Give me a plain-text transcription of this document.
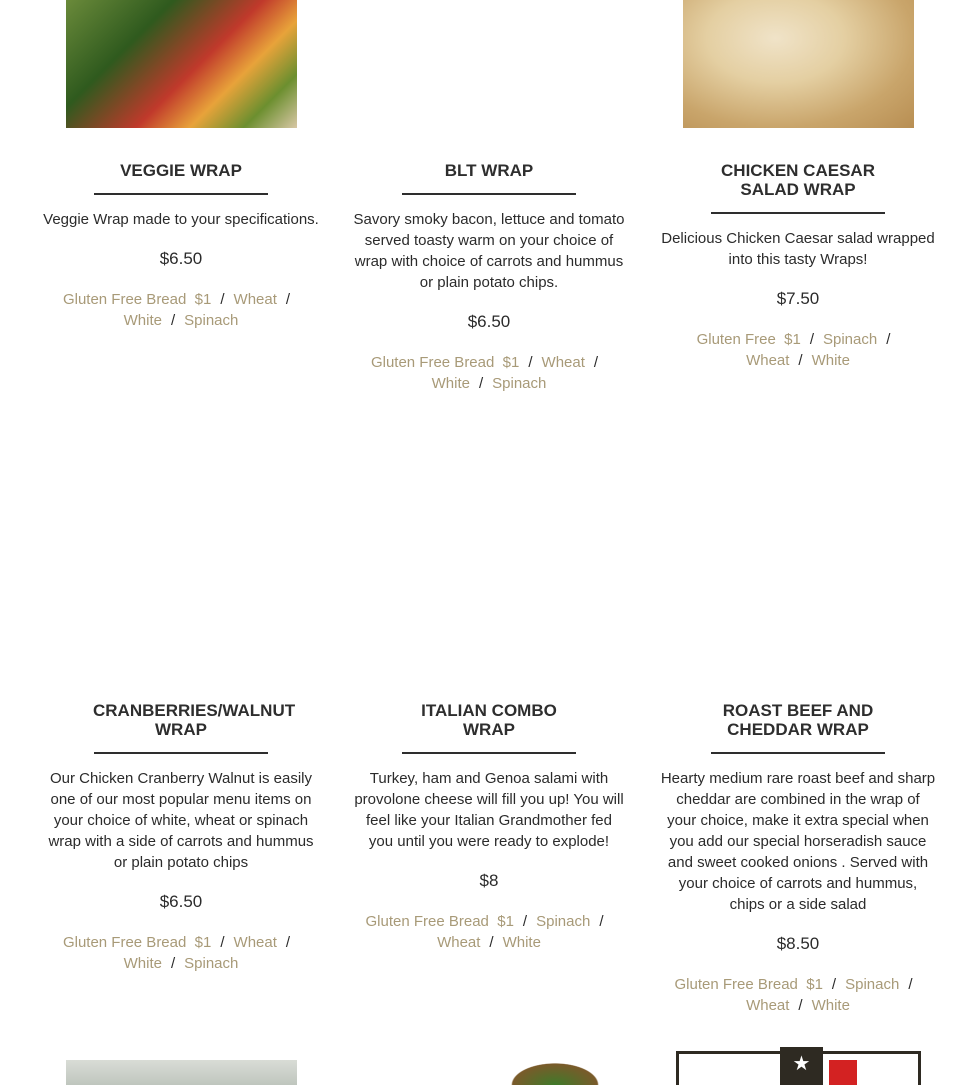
★
VEGGIE WRAP
Veggie Wrap made to your specifications.
$6.50
Gluten Free Bread  $1 / Wheat /
White / Spinach
BLT WRAP
Savory smoky bacon, lettuce and tomato served toasty warm on your choice of wrap with choice of carrots and hummus or plain potato chips.
$6.50
Gluten Free Bread  $1 / Wheat /
White / Spinach
CHICKEN CAESAR SALAD WRAP
Delicious Chicken Caesar salad wrapped into this tasty Wraps!
$7.50
Gluten Free  $1 / Spinach /
Wheat / White
CRANBERRIES/WALNUT WRAP
Our Chicken Cranberry Walnut is easily one of our most popular menu items on your choice of white, wheat or spinach wrap with a side of carrots and hummus or plain potato chips
$6.50
Gluten Free Bread  $1 / Wheat /
White / Spinach
ITALIAN COMBO WRAP
Turkey, ham and Genoa salami with provolone cheese will fill you up! You will feel like your Italian Grandmother fed you until you were ready to explode!
$8
Gluten Free Bread  $1 / Spinach /
Wheat / White
ROAST BEEF AND CHEDDAR WRAP
Hearty medium rare roast beef and sharp cheddar are combined in the wrap of your choice, make it extra special when you add our special horseradish sauce and sweet cooked onions . Served with your choice of carrots and hummus, chips or a side salad
$8.50
Gluten Free Bread  $1 / Spinach /
Wheat / White
